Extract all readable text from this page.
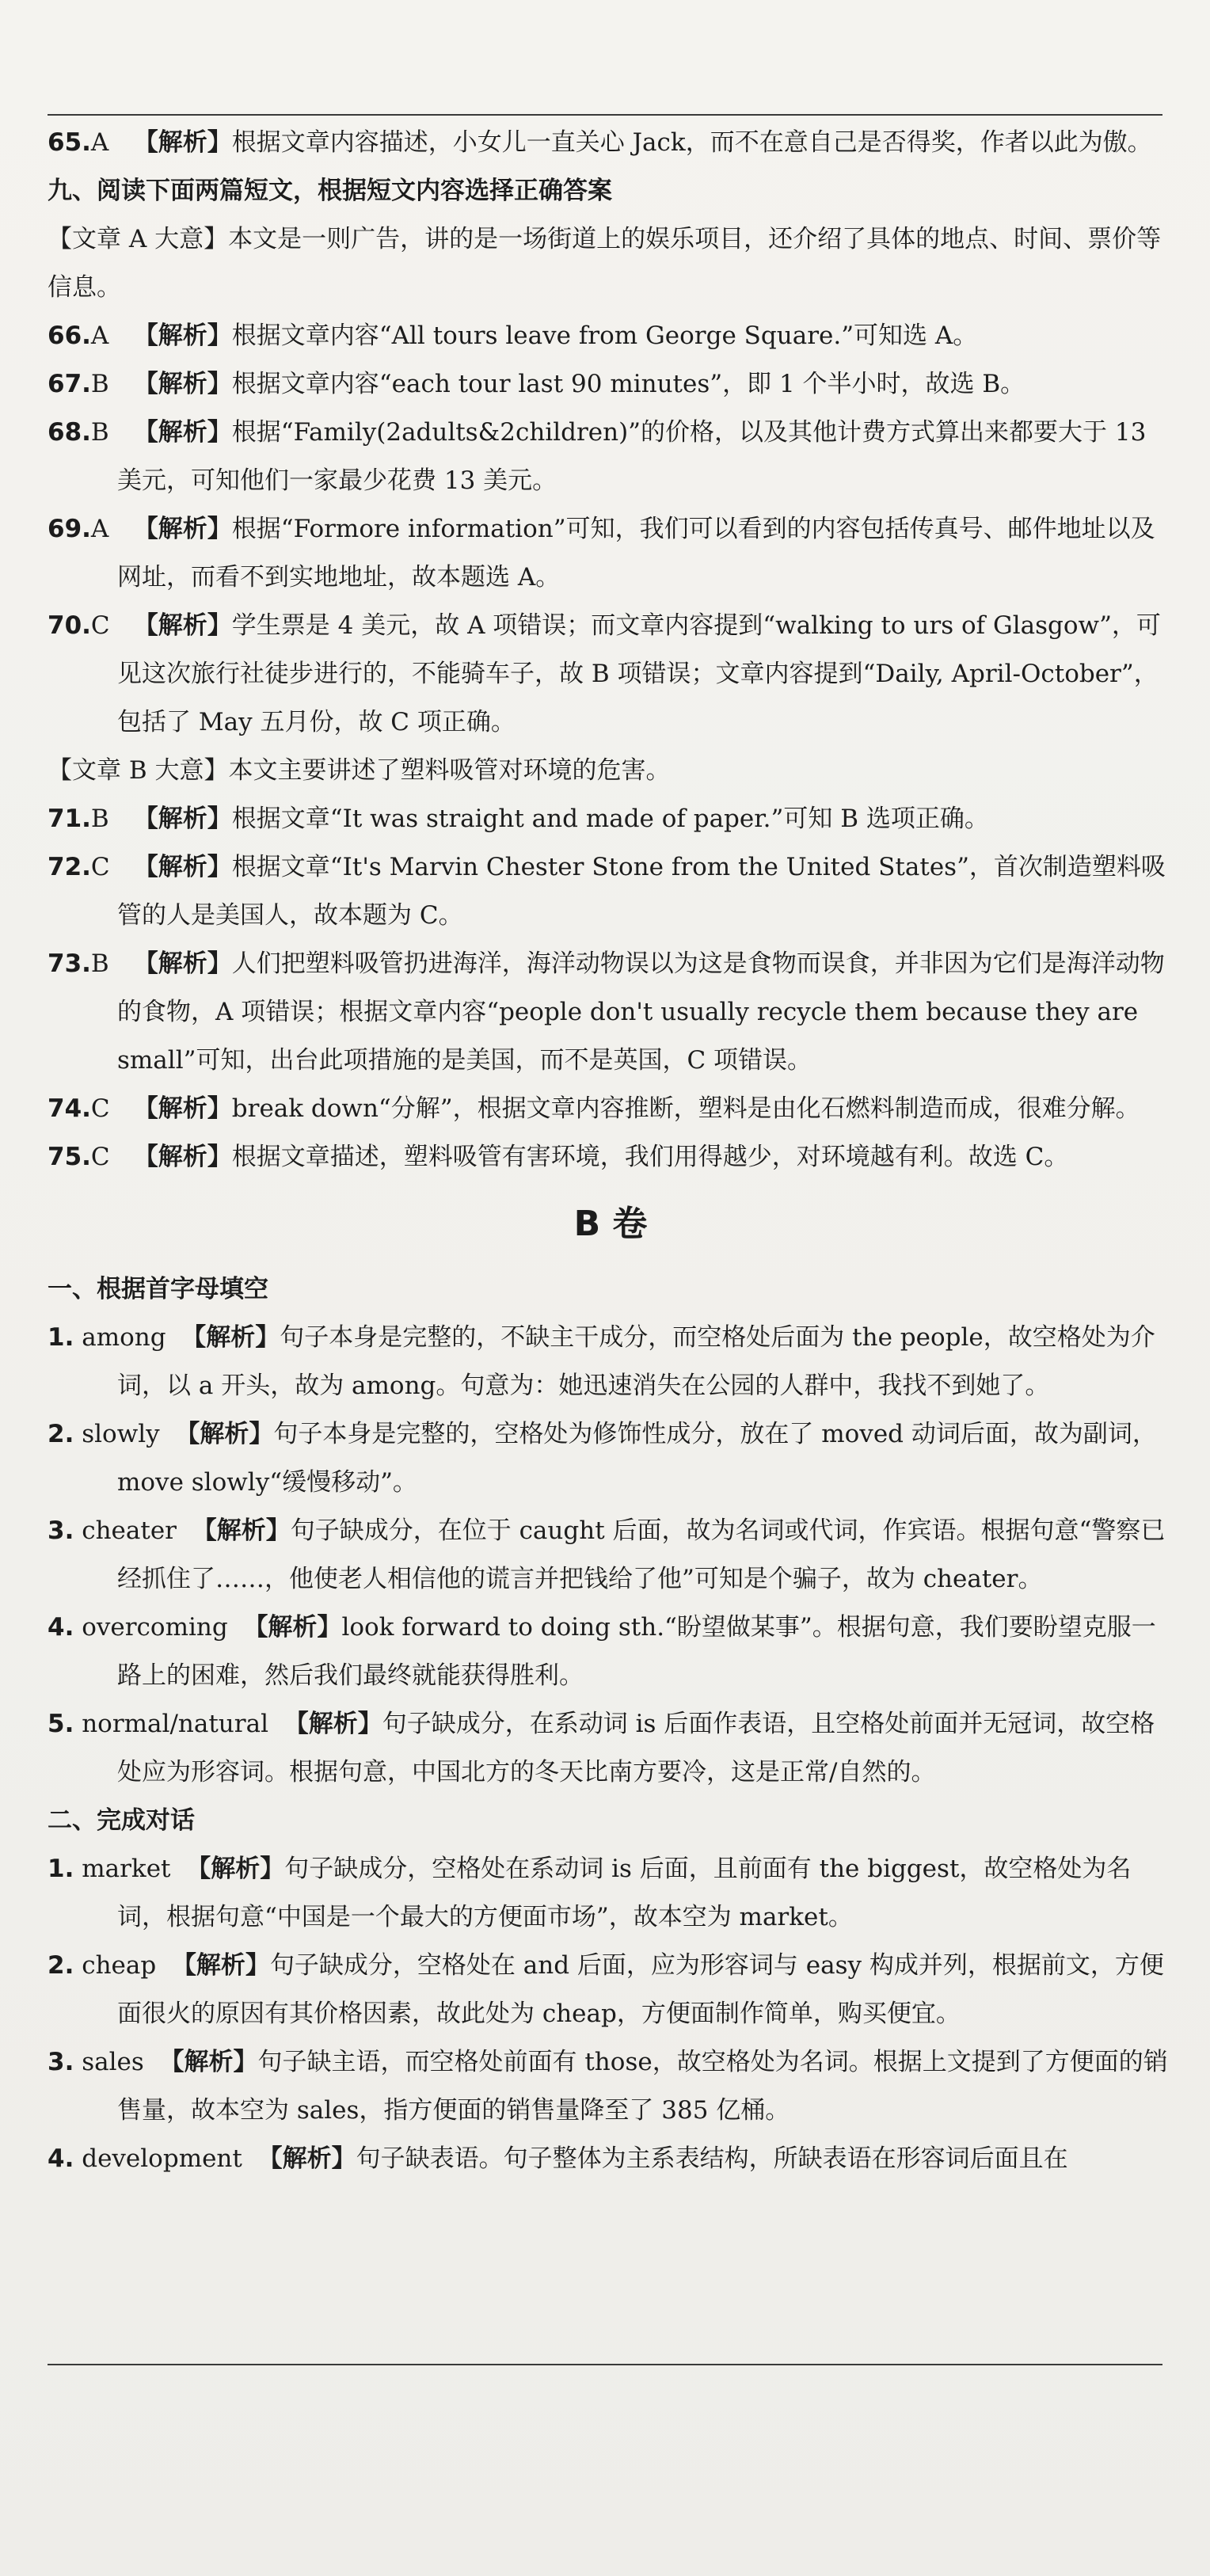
65.A 【解析】根据文章内容描述，小女儿一直关心 Jack，而不在意自己是否得奖，作者以此为傲。

九、阅读下面两篇短文，根据短文内容选择正确答案

【文章 A 大意】本文是一则广告，讲的是一场街道上的娱乐项目，还介绍了具体的地点、时间、票价等信息。

66.A 【解析】根据文章内容“All tours leave from George Square.”可知选 A。

67.B 【解析】根据文章内容“each tour last 90 minutes”，即 1 个半小时，故选 B。

68.B 【解析】根据“Family(2adults&2children)”的价格，以及其他计费方式算出来都要大于 13 美元，可知他们一家最少花费 13 美元。

69.A 【解析】根据“Formore information”可知，我们可以看到的内容包括传真号、邮件地址以及网址，而看不到实地地址，故本题选 A。

70.C 【解析】学生票是 4 美元，故 A 项错误；而文章内容提到“walking to urs of Glasgow”，可见这次旅行社徒步进行的，不能骑车子，故 B 项错误；文章内容提到“Daily, April-October”，包括了 May 五月份，故 C 项正确。

【文章 B 大意】本文主要讲述了塑料吸管对环境的危害。

71.B 【解析】根据文章“It was straight and made of paper.”可知 B 选项正确。

72.C 【解析】根据文章“It's Marvin Chester Stone from the United States”，首次制造塑料吸管的人是美国人，故本题为 C。

73.B 【解析】人们把塑料吸管扔进海洋，海洋动物误以为这是食物而误食，并非因为它们是海洋动物的食物，A 项错误；根据文章内容“people don't usually recycle them because they are small”可知，出台此项措施的是美国，而不是英国，C 项错误。

74.C 【解析】break down“分解”，根据文章内容推断，塑料是由化石燃料制造而成，很难分解。

75.C 【解析】根据文章描述，塑料吸管有害环境，我们用得越少，对环境越有利。故选 C。

B 卷

一、根据首字母填空

1. among 【解析】句子本身是完整的，不缺主干成分，而空格处后面为 the people，故空格处为介词，以 a 开头，故为 among。句意为：她迅速消失在公园的人群中，我找不到她了。

2. slowly 【解析】句子本身是完整的，空格处为修饰性成分，放在了 moved 动词后面，故为副词，move slowly“缓慢移动”。

3. cheater 【解析】句子缺成分，在位于 caught 后面，故为名词或代词，作宾语。根据句意“警察已经抓住了……，他使老人相信他的谎言并把钱给了他”可知是个骗子，故为 cheater。

4. overcoming 【解析】look forward to doing sth.“盼望做某事”。根据句意，我们要盼望克服一路上的困难，然后我们最终就能获得胜利。

5. normal/natural 【解析】句子缺成分，在系动词 is 后面作表语，且空格处前面并无冠词，故空格处应为形容词。根据句意，中国北方的冬天比南方要冷，这是正常/自然的。

二、完成对话

1. market 【解析】句子缺成分，空格处在系动词 is 后面，且前面有 the biggest，故空格处为名词，根据句意“中国是一个最大的方便面市场”，故本空为 market。

2. cheap 【解析】句子缺成分，空格处在 and 后面，应为形容词与 easy 构成并列，根据前文，方便面很火的原因有其价格因素，故此处为 cheap，方便面制作简单，购买便宜。

3. sales 【解析】句子缺主语，而空格处前面有 those，故空格处为名词。根据上文提到了方便面的销售量，故本空为 sales，指方便面的销售量降至了 385 亿桶。

4. development 【解析】句子缺表语。句子整体为主系表结构，所缺表语在形容词后面且在
